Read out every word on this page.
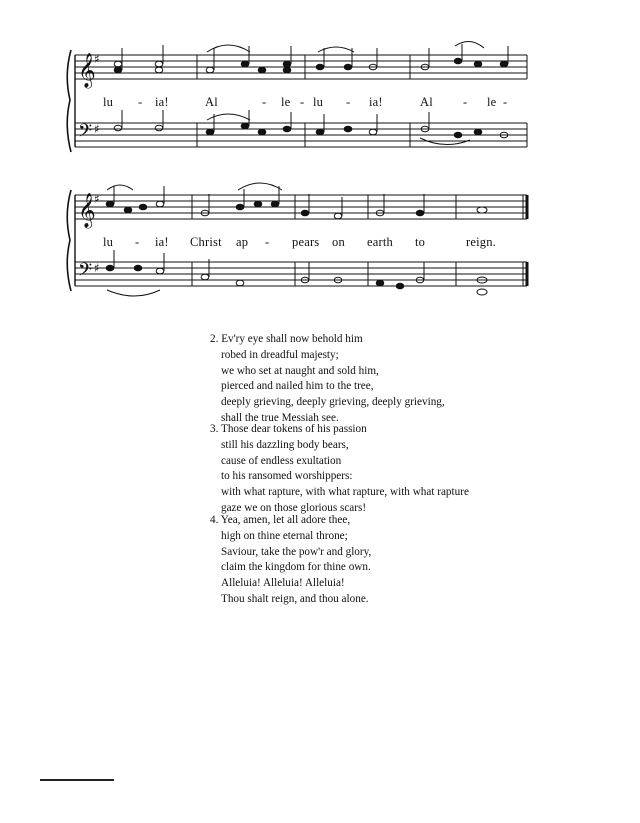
𝄞
𝄢
♯
♯
𝄞
𝄢
♯
♯
lu - ia!	Al	- le - lu - ia!	Al - le -
lu - ia! Christ ap - pears on earth to	reign.
2. Ev'ry eye shall now behold him
robed in dreadful majesty;
we who set at naught and sold him,
pierced and nailed him to the tree,
deeply grieving, deeply grieving, deeply grieving,
shall the true Messiah see.
3. Those dear tokens of his passion
still his dazzling body bears,
cause of endless exultation
to his ransomed worshippers:
with what rapture, with what rapture, with what rapture
gaze we on those glorious scars!
4. Yea, amen, let all adore thee,
high on thine eternal throne;
Saviour, take the pow'r and glory,
claim the kingdom for thine own.
Alleluia! Alleluia! Alleluia!
Thou shalt reign, and thou alone.
